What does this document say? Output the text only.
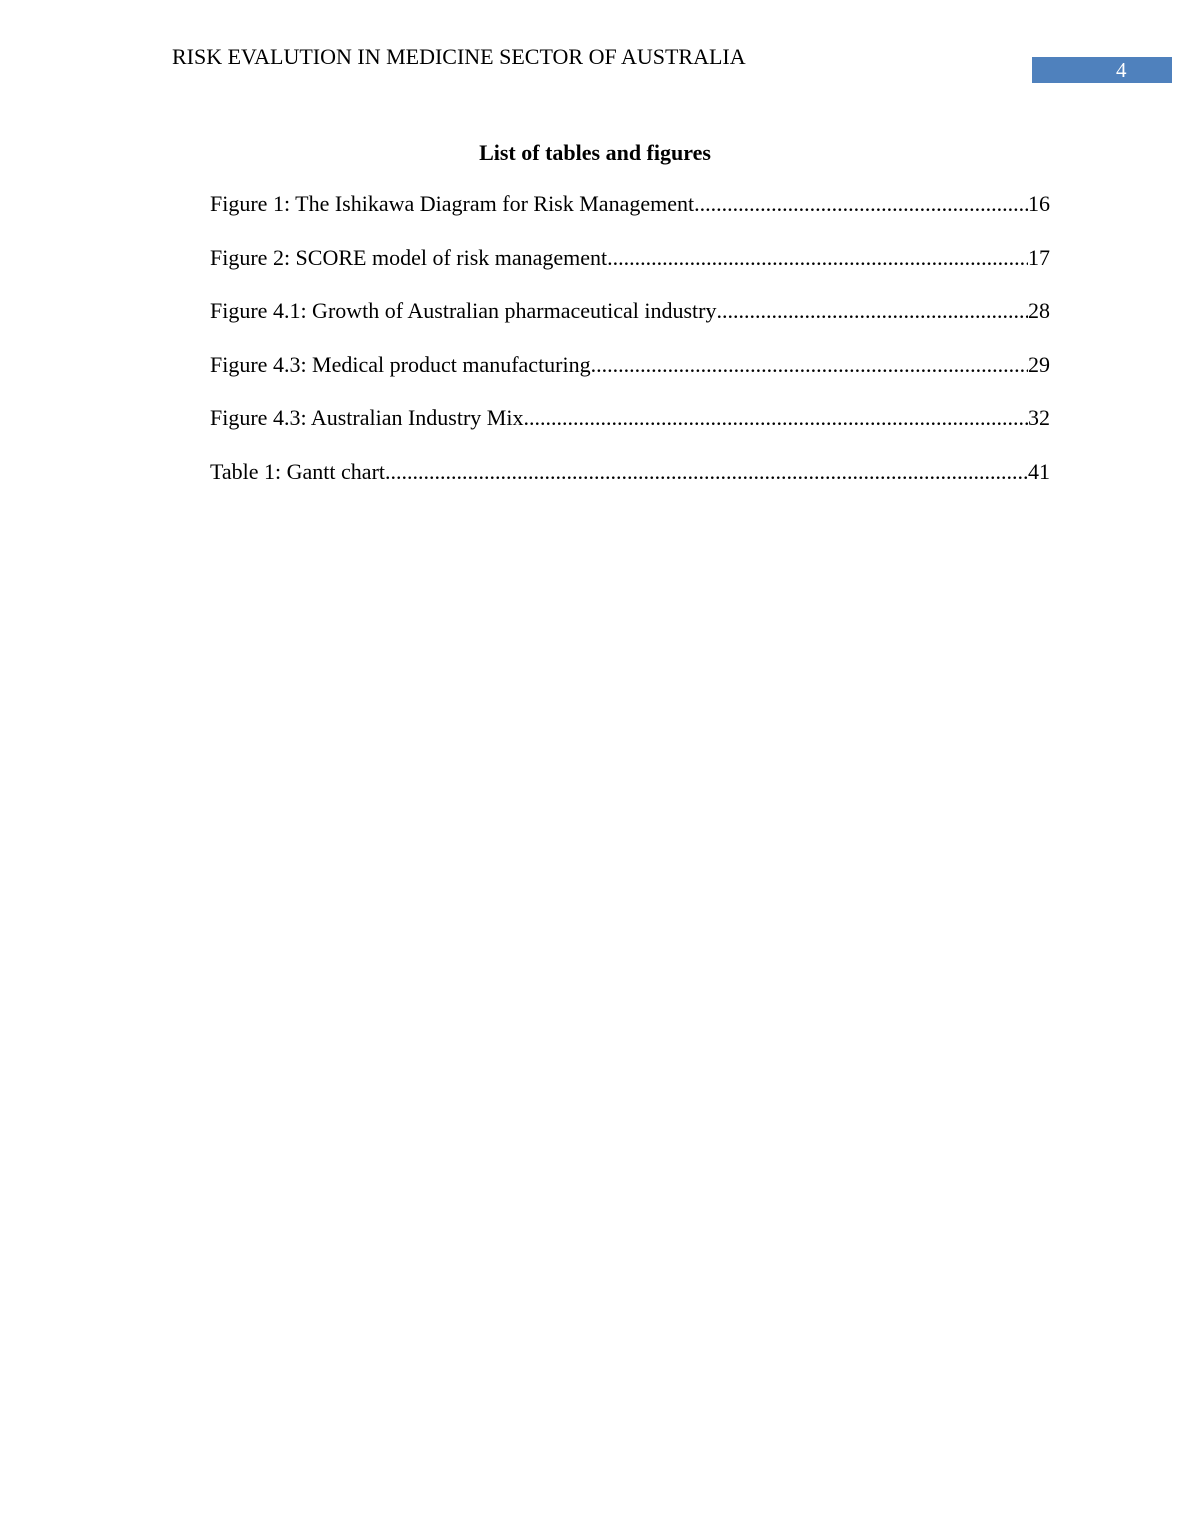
RISK EVALUTION IN MEDICINE SECTOR OF AUSTRALIA
4
List of tables and figures
Figure 1: The Ishikawa Diagram for Risk Management .....	16
Figure 2: SCORE model of risk management .....	17
Figure 4.1: Growth of Australian pharmaceutical industry .....	28
Figure 4.3: Medical product manufacturing .....	29
Figure 4.3: Australian Industry Mix .....	32
Table 1: Gantt chart .....	41
